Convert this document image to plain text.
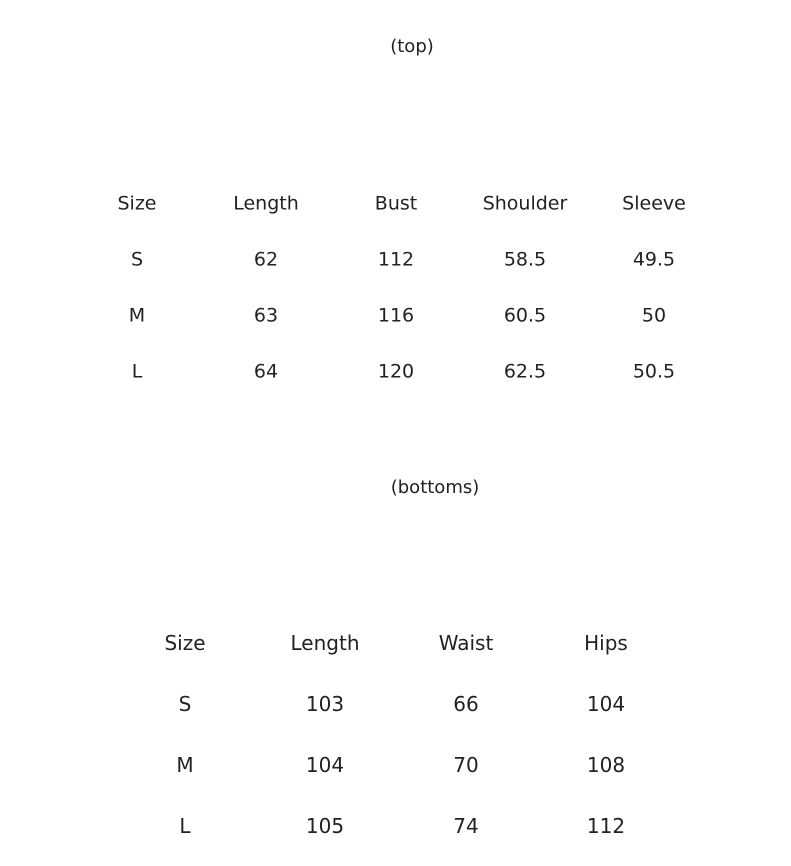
(top)
Size	Length	Bust	Shoulder	Sleeve
S	62	112	58.5	49.5
M	63	116	60.5	50
L	64	120	62.5	50.5
(bottoms)
Size	Length	Waist	Hips
S	103	66	104
M	104	70	108
L	105	74	112
